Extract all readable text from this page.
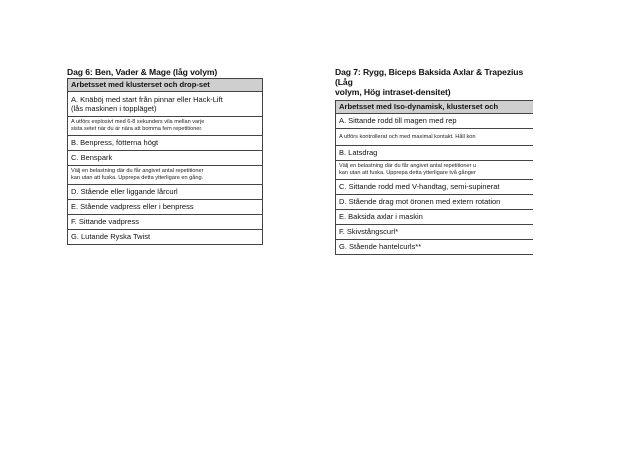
Dag 6: Ben, Vader & Mage (låg volym)
Arbetsset med klusterset och drop-set
A. Knäböj med start från pinnar eller Hack-Lift
(lås maskinen i toppläget)
A utförs explosivt med 6-8 sekunders vila mellan varje
sista setet när du är nära att bomma fem repetitioner.
B. Benpress, fötterna högt
C. Benspark
Välj en belastning där du får angivet antal repetitioner
kan utan att fuska. Upprepa detta ytterligare en gång.
D. Stående eller liggande lårcurl
E. Stående vadpress eller i benpress
F. Sittande vadpress
G. Lutande Ryska Twist
Dag 7: Rygg, Biceps Baksida Axlar & Trapezius (Låg
volym, Hög intraset-densitet)
Arbetsset med Iso-dynamisk, klusterset och
A. Sittande rodd till magen med rep
A utförs kontrollerat och med maximal kontakt. Håll kon
B. Latsdrag
Välj en belastning där du får angivet antal repetitioner u
kan utan att fuska. Upprepa detta ytterligare två gånger
C. Sittande rodd med V-handtag, semi-supinerat
D. Stående drag mot öronen med extern rotation
E. Baksida axlar i maskin
F. Skivstångscurl*
G. Stående hantelcurls**
